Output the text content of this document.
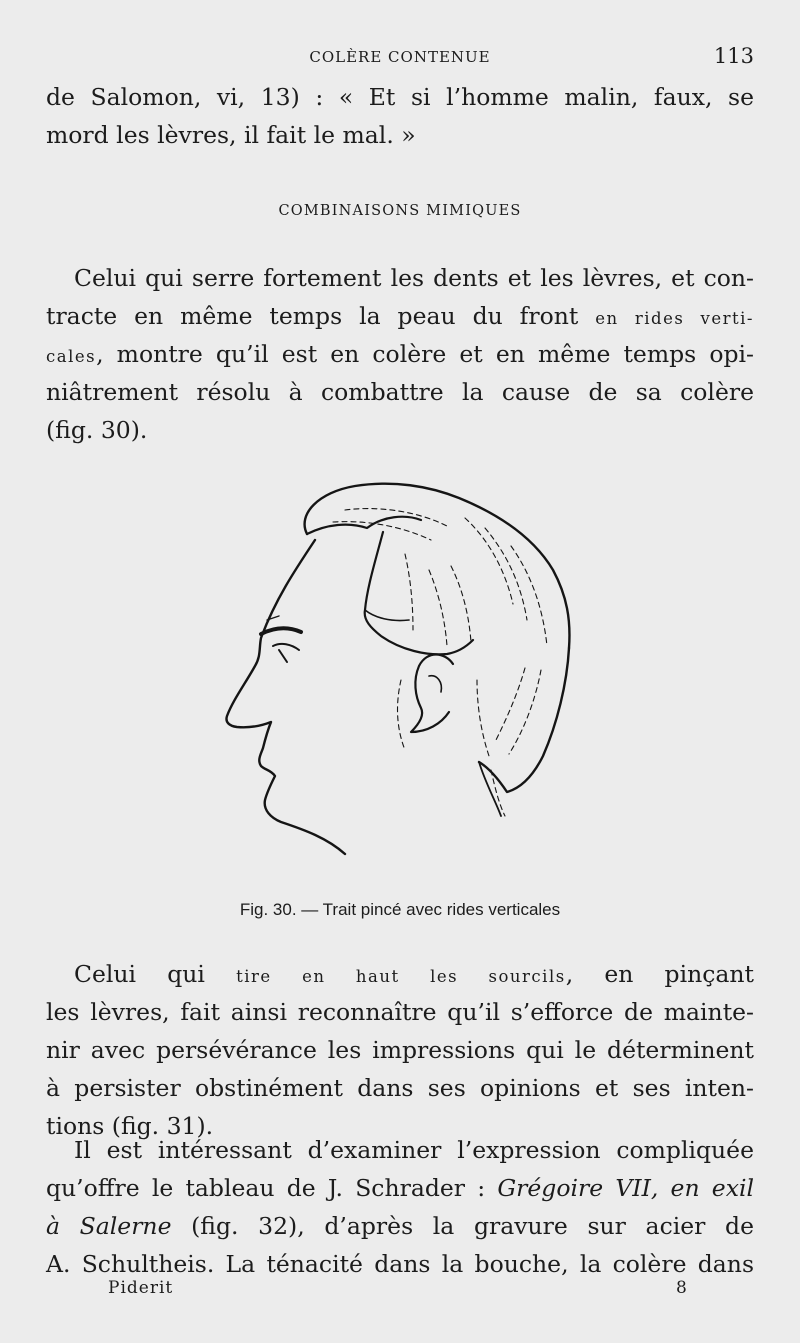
COLÈRE CONTENUE	113
de Salomon, vi, 13) : « Et si l’homme malin, faux, se
mord les lèvres, il fait le mal. »
COMBINAISONS MIMIQUES
Celui qui serre fortement les dents et les lèvres, et con-
tracte en même temps la peau du front en rides verti-
cales, montre qu’il est en colère et en même temps opi-
niâtrement résolu à combattre la cause de sa colère
(fig. 30).
Fig. 30. — Trait pincé avec rides verticales
Celui qui tire en haut les sourcils, en pinçant
les lèvres, fait ainsi reconnaître qu’il s’efforce de mainte-
nir avec persévérance les impressions qui le déterminent
à persister obstinément dans ses opinions et ses inten-
tions (fig. 31).
Il est intéressant d’examiner l’expression compliquée
qu’offre le tableau de J. Schrader : Grégoire VII, en exil
à Salerne (fig. 32), d’après la gravure sur acier de
A. Schultheis. La ténacité dans la bouche, la colère dans
Piderit	8
